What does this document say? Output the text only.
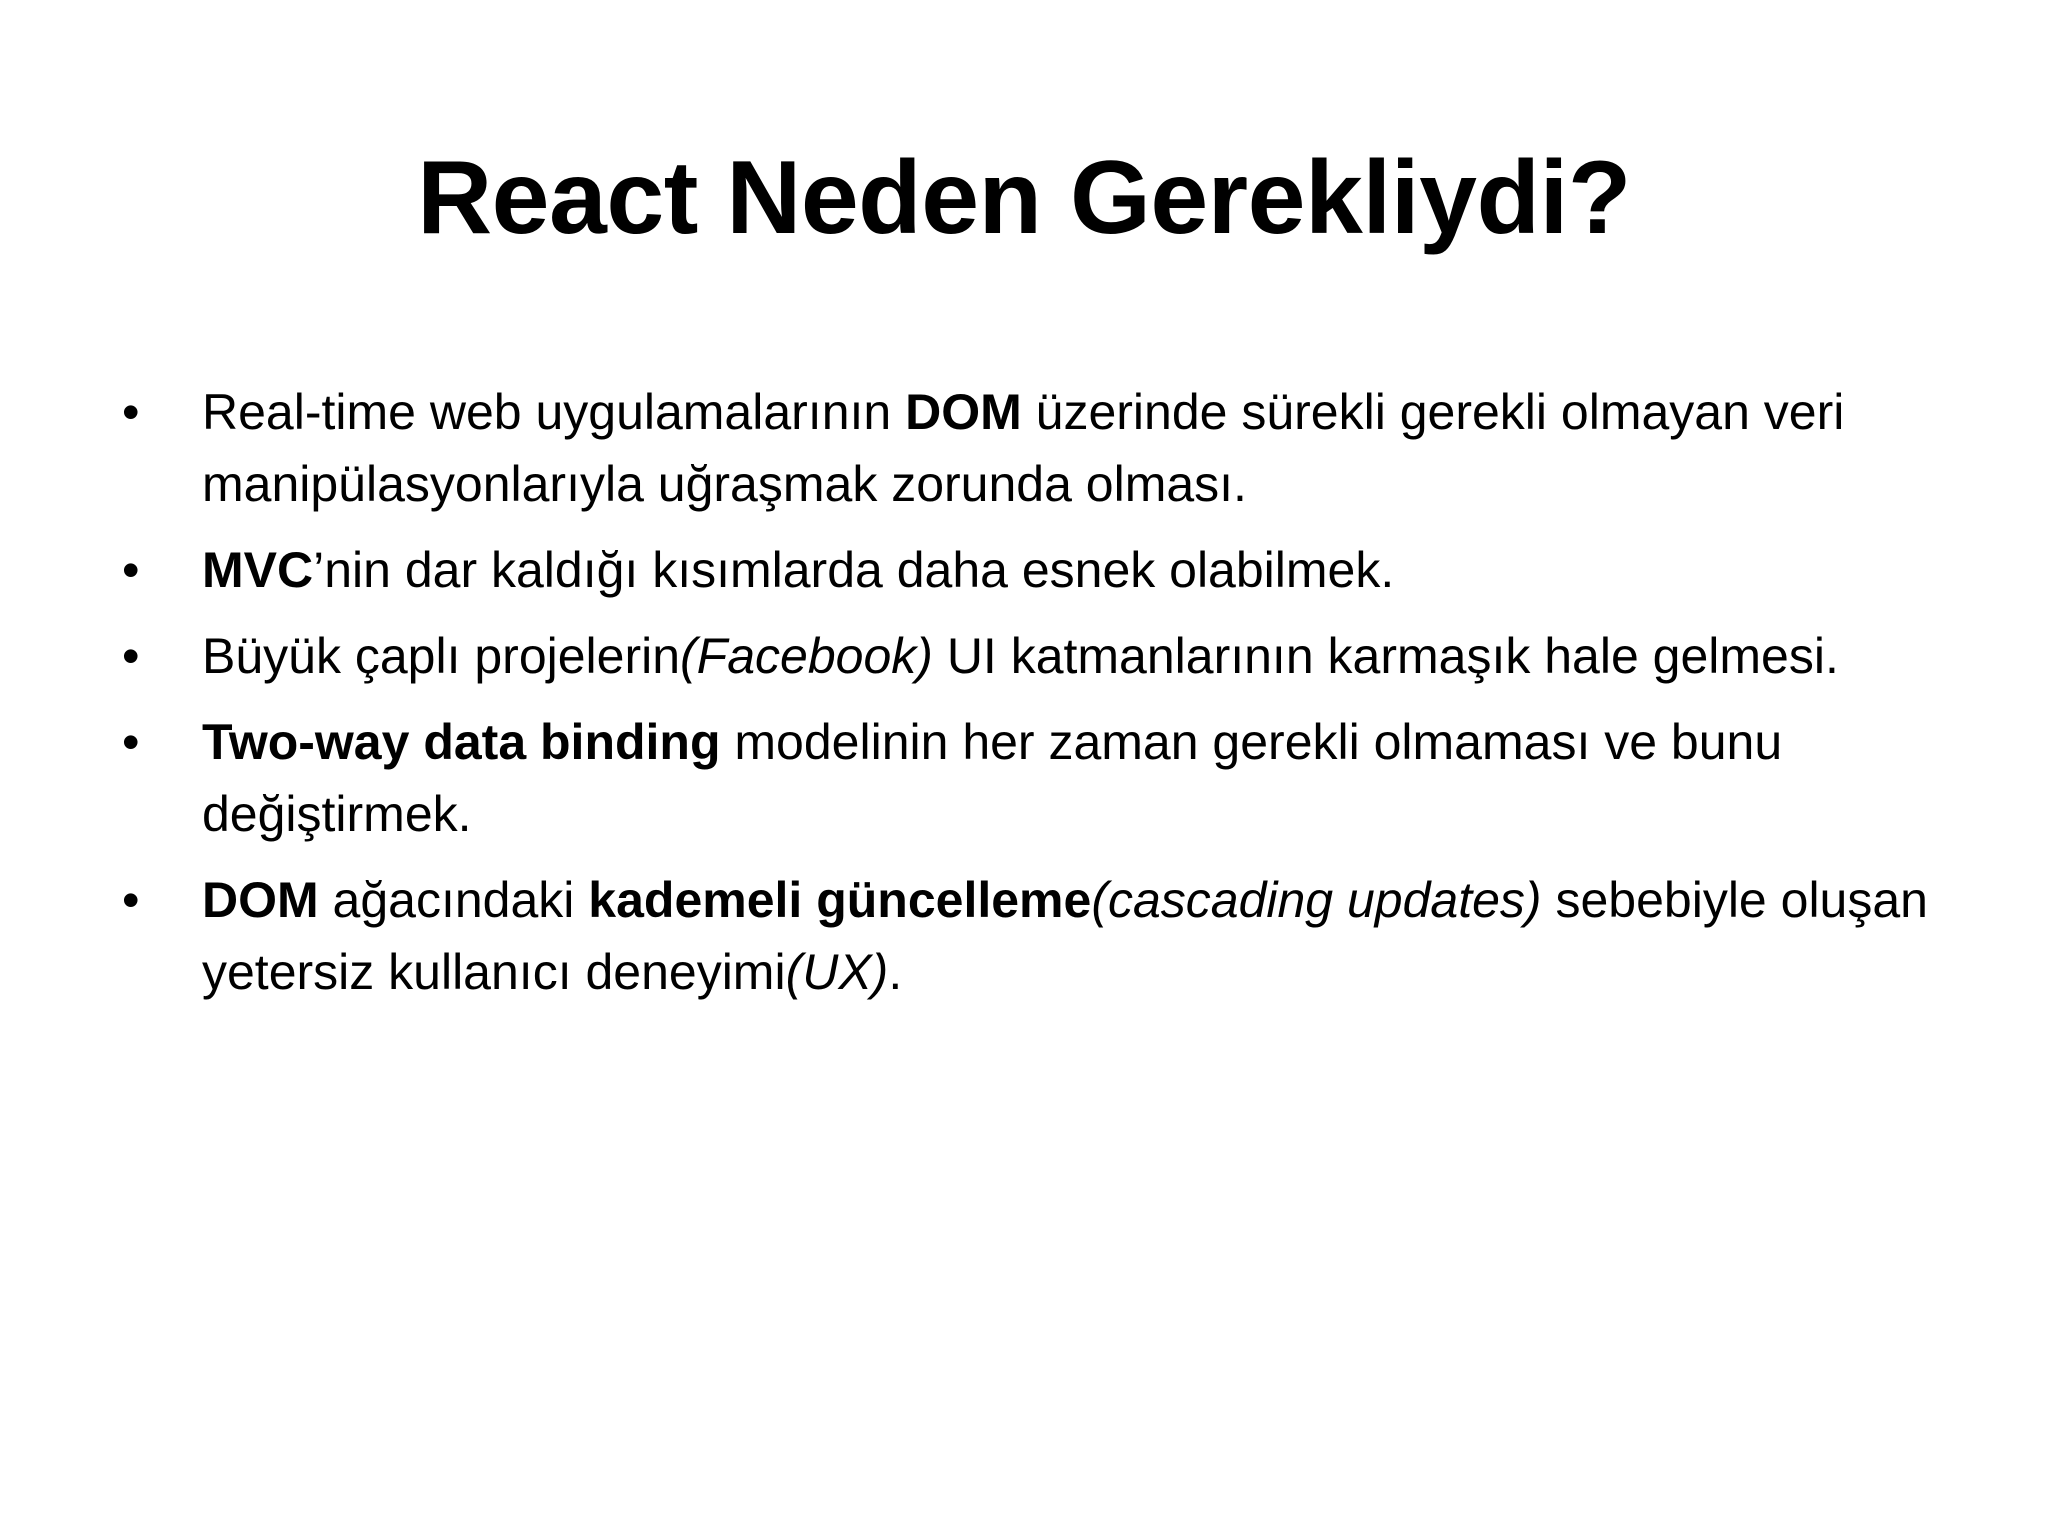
React Neden Gerekliydi?
•	Real-time web uygulamalarının DOM üzerinde sürekli gerekli olmayan veri manipülasyonlarıyla uğraşmak zorunda olması.
•	MVC’nin dar kaldığı kısımlarda daha esnek olabilmek.
•	Büyük çaplı projelerin(Facebook) UI katmanlarının karmaşık hale gelmesi.
•	Two-way data binding modelinin her zaman gerekli olmaması ve bunu değiştirmek.
•	DOM ağacındaki kademeli güncelleme(cascading updates) sebebiyle oluşan yetersiz kullanıcı deneyimi(UX).
